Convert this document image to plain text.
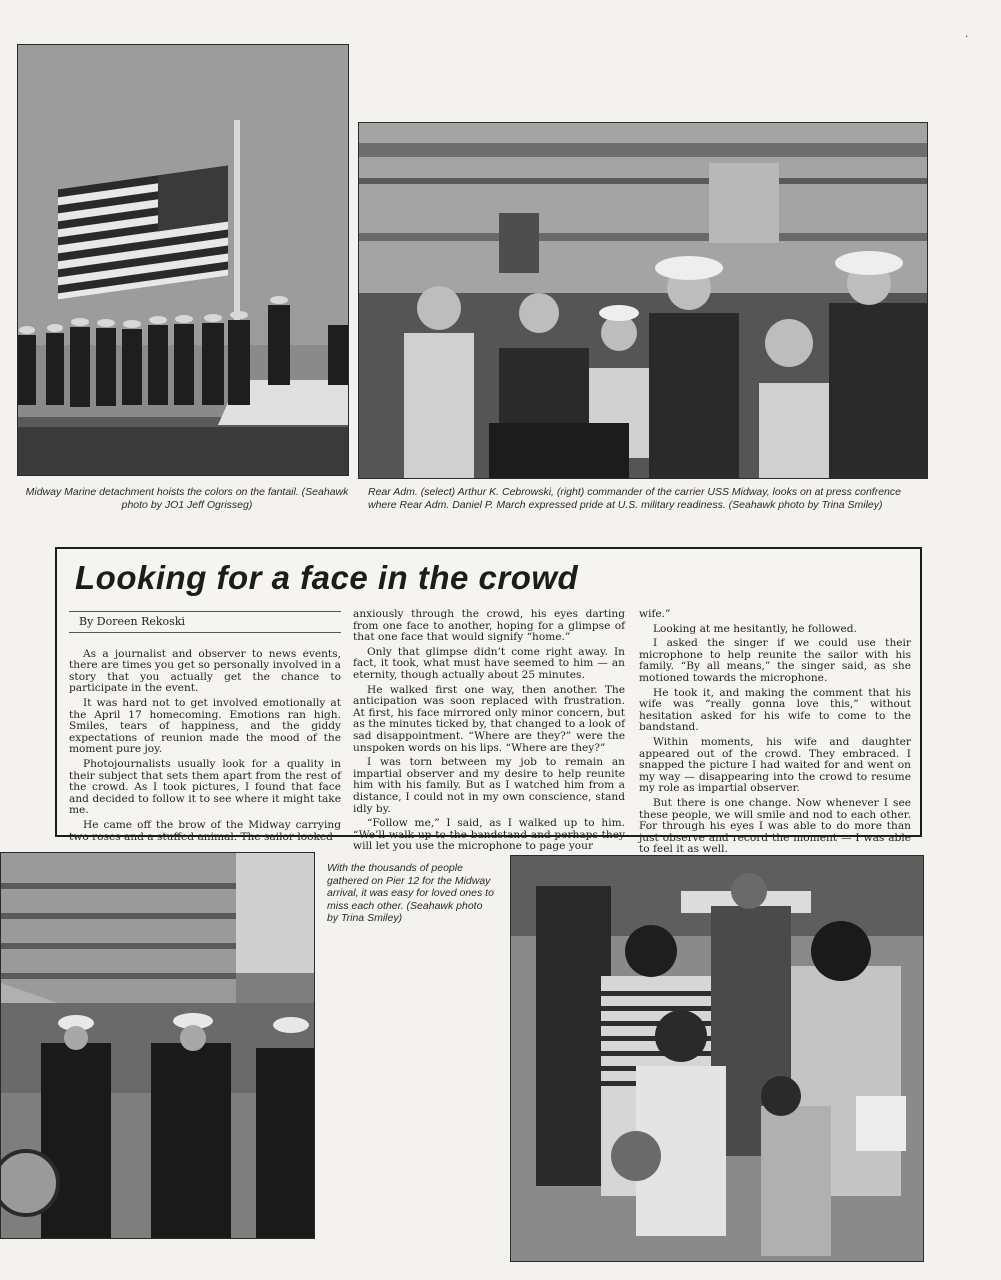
Midway Marine detachment hoists the colors on the fantail. (Seahawk photo by JO1 Jeff Ogrisseg)
Rear Adm. (select) Arthur K. Cebrowski, (right) commander of the carrier USS Midway, looks on at press confrence where Rear Adm. Daniel P. March expressed pride at U.S. military readiness. (Seahawk photo by Trina Smiley)
Looking for a face in the crowd
By Doreen Rekoski

As a journalist and observer to news events, there are times you get so personally involved in a story that you actually get the chance to participate in the event.

It was hard not to get involved emotionally at the April 17 homecoming. Emotions ran high. Smiles, tears of happiness, and the giddy expectations of reunion made the mood of the moment pure joy.

Photojournalists usually look for a quality in their subject that sets them apart from the rest of the crowd. As I took pictures, I found that face and decided to follow it to see where it might take me.

He came off the brow of the Midway carrying two roses and a stuffed animal. The sailor looked

anxiously through the crowd, his eyes darting from one face to another, hoping for a glimpse of that one face that would signify “home.”

Only that glimpse didn’t come right away. In fact, it took, what must have seemed to him — an eternity, though actually about 25 minutes.

He walked first one way, then another. The anticipation was soon replaced with frustration. At first, his face mirrored only minor concern, but as the minutes ticked by, that changed to a look of sad disappointment. “Where are they?” were the unspoken words on his lips. “Where are they?”

I was torn between my job to remain an impartial observer and my desire to help reunite him with his family. But as I watched him from a distance, I could not in my own conscience, stand idly by.

“Follow me,” I said, as I walked up to him. “We’ll walk up to the bandstand and perhaps they will let you use the microphone to page your

wife.”

Looking at me hesitantly, he followed.

I asked the singer if we could use their microphone to help reunite the sailor with his family. “By all means,” the singer said, as she motioned towards the microphone.

He took it, and making the comment that his wife was “really gonna love this,” without hesitation asked for his wife to come to the bandstand.

Within moments, his wife and daughter appeared out of the crowd. They embraced. I snapped the picture I had waited for and went on my way — disappearing into the crowd to resume my role as impartial observer.

But there is one change. Now whenever I see these people, we will smile and nod to each other. For through his eyes I was able to do more than just observe and record the moment — I was able to feel it as well.

With the thousands of people gathered on Pier 12 for the Midway arrival, it was easy for loved ones to miss each other. (Seahawk photo by Trina Smiley)
·
